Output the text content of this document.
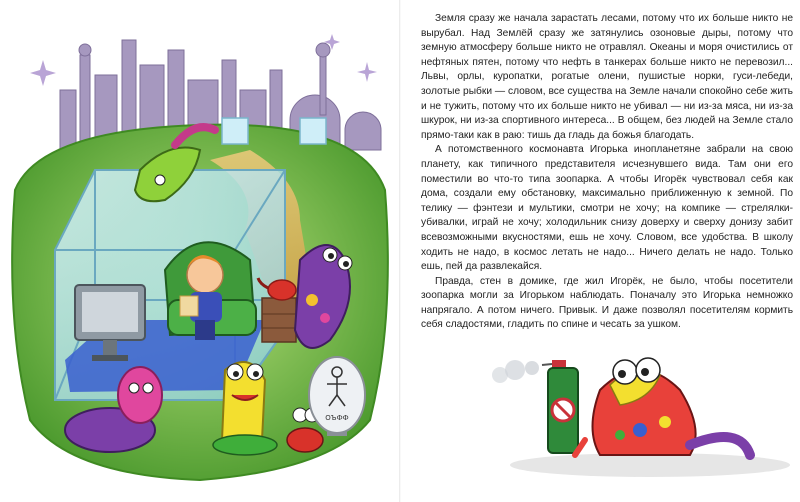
ОЪФФ

Земля сразу же начала зарастать лесами, потому что их больше никто не вырубал. Над Землёй сразу же затянулись озоновые дыры, потому что земную атмосферу больше никто не отравлял. Океаны и моря очистились от нефтяных пятен, потому что нефть в танкерах больше никто не перевозил... Львы, орлы, куропатки, рогатые олени, пушистые норки, гуси-лебеди, золотые рыбки — словом, все существа на Земле начали спокойно себе жить и не тужить, потому что их больше никто не убивал — ни из-за мяса, ни из-за шкурок, ни из-за спортивного интереса... В общем, без людей на Земле стало прямо-таки как в раю: тишь да гладь да божья благодать.

А потомственного космонавта Игорька инопланетяне забрали на свою планету, как типичного представителя исчезнувшего вида. Там они его поместили во что-то типа зоопарка. А чтобы Игорёк чувствовал себя как дома, создали ему обстановку, максимально приближенную к земной. По телику — фэнтези и мультики, смотри не хочу; на компике — стрелялки-убивалки, играй не хочу; холодильник снизу доверху и сверху донизу забит всевозможными вкусностями, ешь не хочу. Словом, все удобства. В школу ходить не надо, в космос летать не надо... Ничего делать не надо. Только ешь, пей да развлекайся.

Правда, стен в домике, где жил Игорёк, не было, чтобы посетители зоопарка могли за Игорьком наблюдать. Поначалу это Игорька немножко напрягало. А потом ничего. Привык. И даже позволял посетителям кормить себя сладостями, гладить по спине и чесать за ушком.
